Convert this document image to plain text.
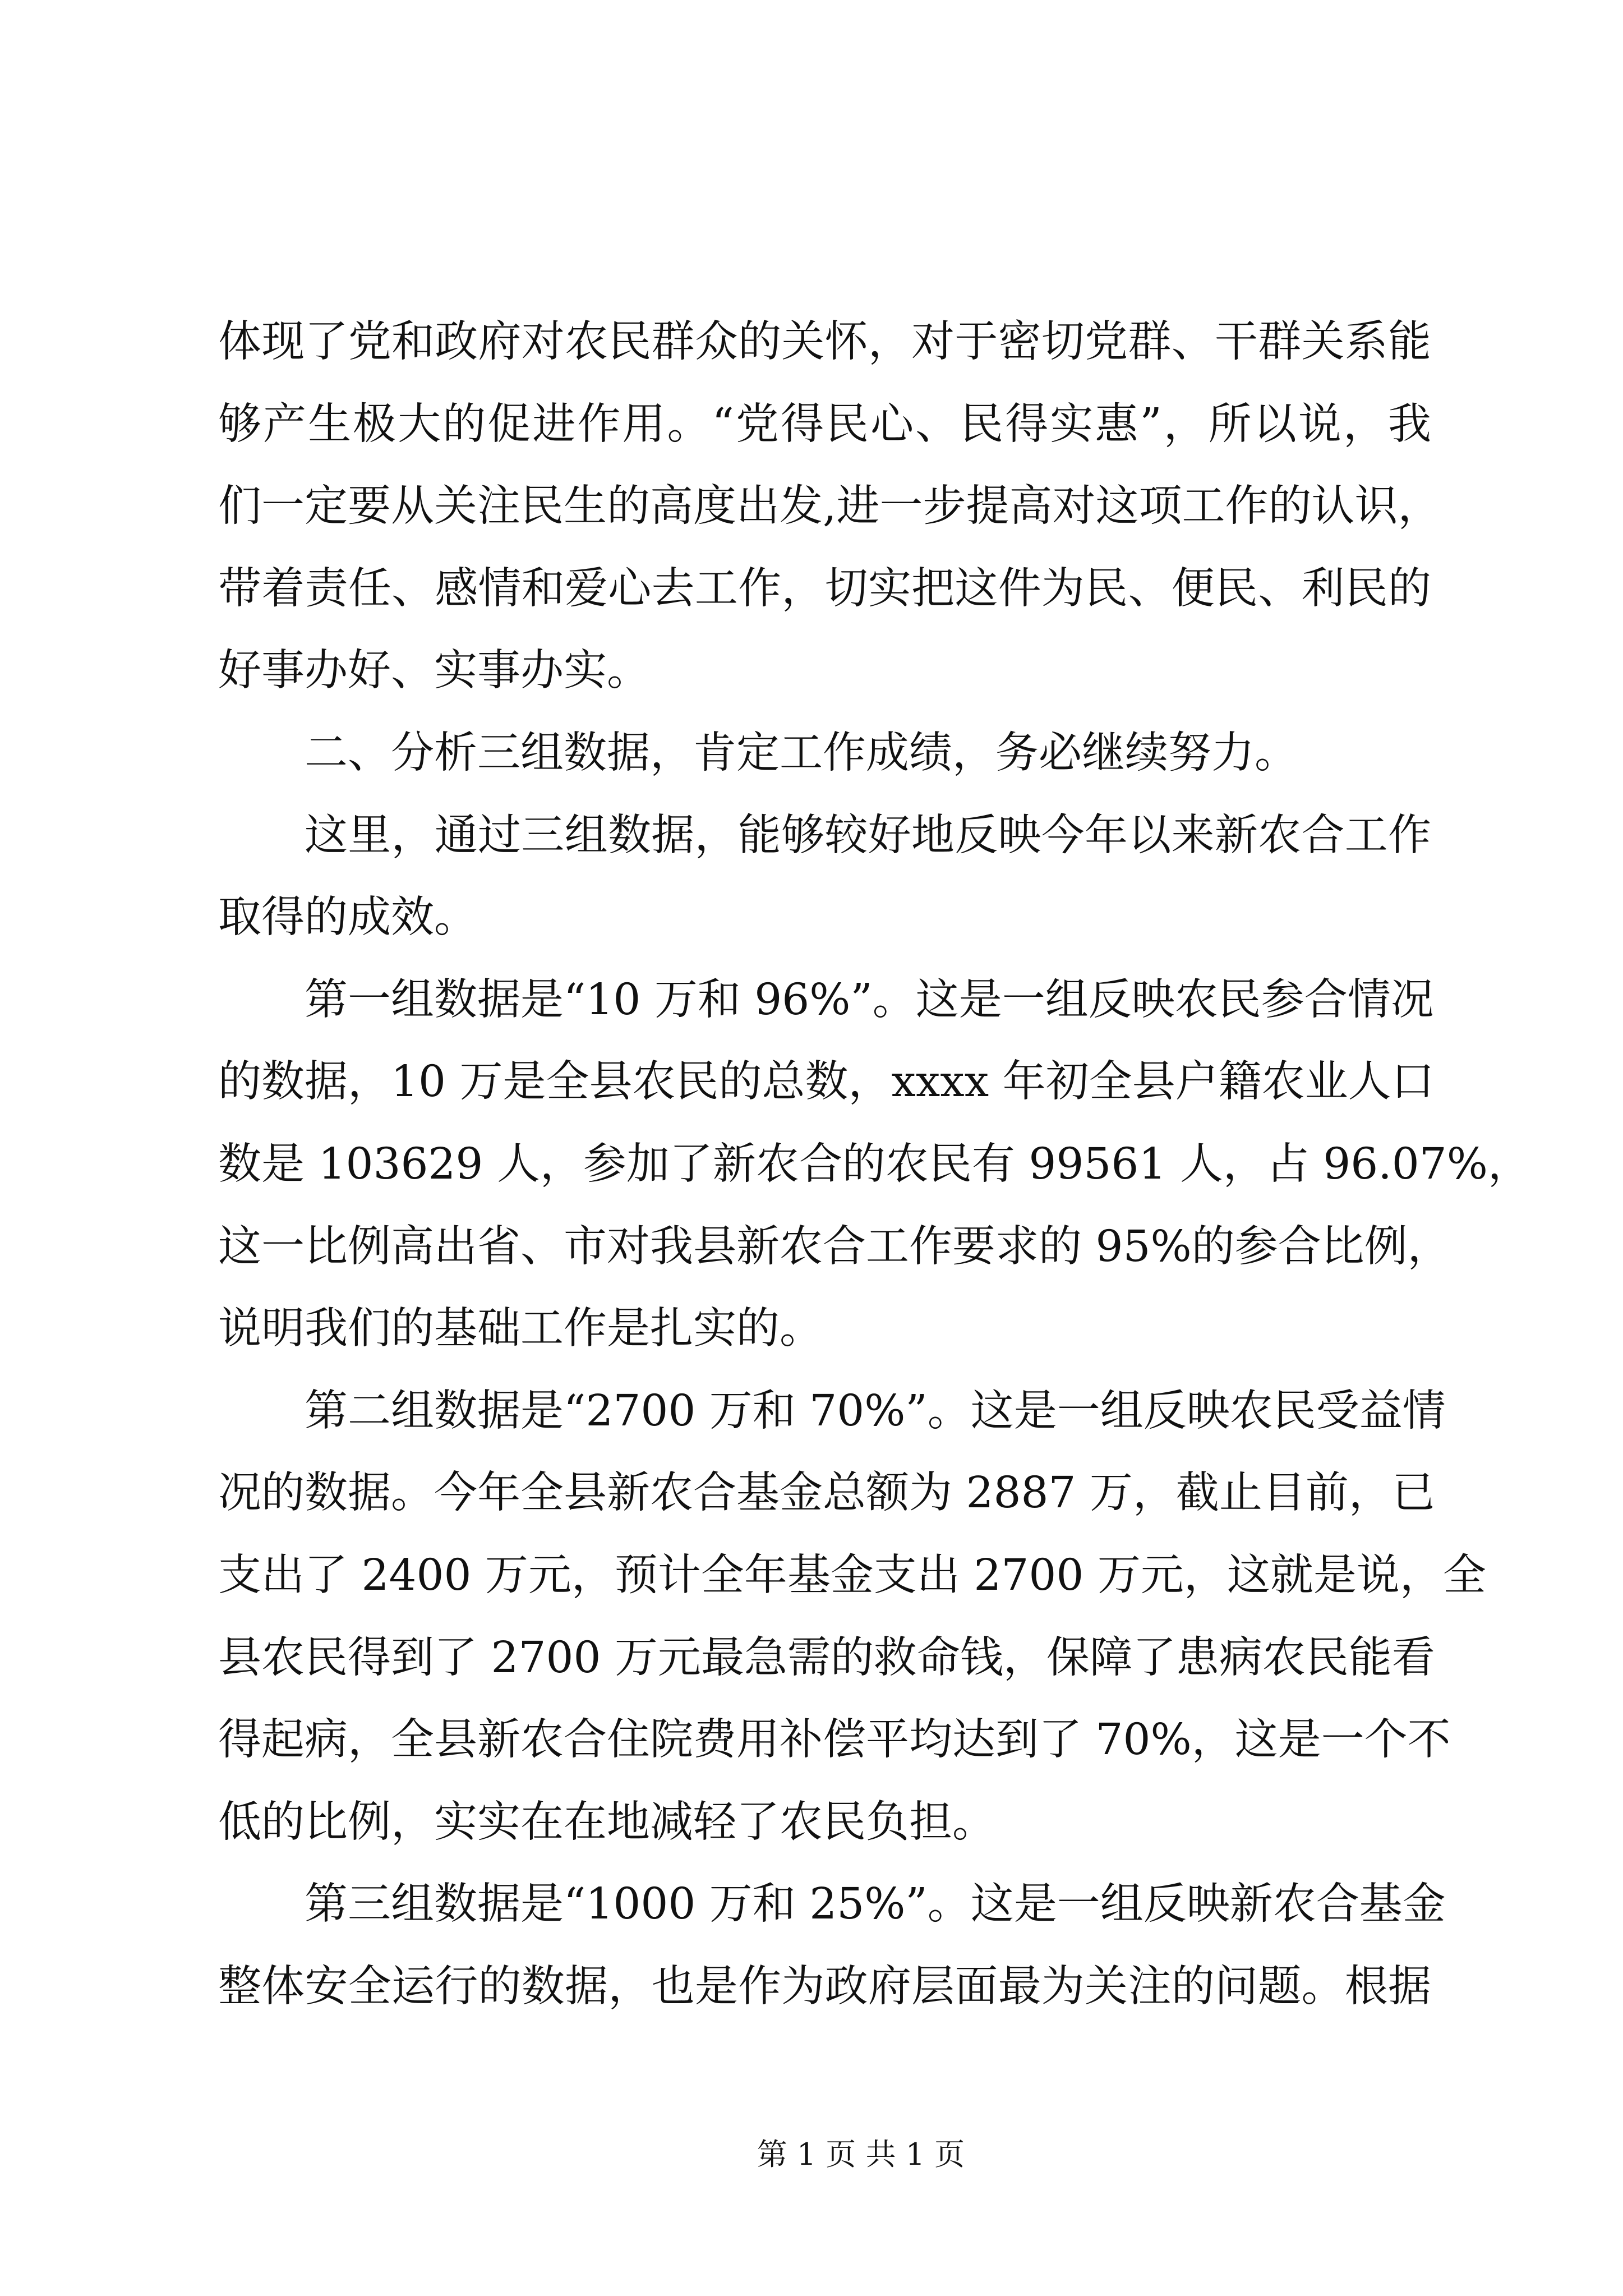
体现了党和政府对农民群众的关怀，对于密切党群、干群关系能
够产生极大的促进作用。“党得民心、民得实惠”，所以说，我
们一定要从关注民生的高度出发,进一步提高对这项工作的认识，
带着责任、感情和爱心去工作，切实把这件为民、便民、利民的
好事办好、实事办实。
二、分析三组数据，肯定工作成绩，务必继续努力。
这里，通过三组数据，能够较好地反映今年以来新农合工作
取得的成效。
第一组数据是“10 万和 96%”。这是一组反映农民参合情况
的数据，10 万是全县农民的总数，xxxx 年初全县户籍农业人口
数是 103629 人，参加了新农合的农民有 99561 人，占 96.07%，
这一比例高出省、市对我县新农合工作要求的 95%的参合比例，
说明我们的基础工作是扎实的。
第二组数据是“2700 万和 70%”。这是一组反映农民受益情
况的数据。今年全县新农合基金总额为 2887 万，截止目前，已
支出了 2400 万元，预计全年基金支出 2700 万元，这就是说，全
县农民得到了 2700 万元最急需的救命钱，保障了患病农民能看
得起病，全县新农合住院费用补偿平均达到了 70%，这是一个不
低的比例，实实在在地减轻了农民负担。
第三组数据是“1000 万和 25%”。这是一组反映新农合基金
整体安全运行的数据，也是作为政府层面最为关注的问题。根据
第 1 页 共 1 页
